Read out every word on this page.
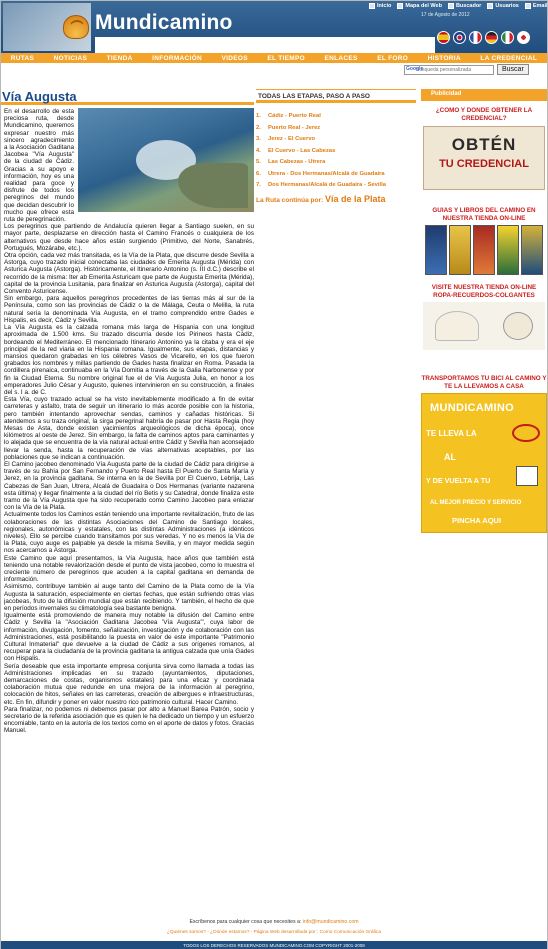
Mundicamino
Inicio	Mapa del Web	Buscador	Usuarios	Email
17 de Agosto de 2012
RUTAS	NOTICIAS	TIENDA	INFORMACIÓN	VIDEOS	EL TIEMPO	ENLACES	EL FORO	HISTORIA	LA CREDENCIAL
Búsqueda personalizada
Buscar
Google
Vía Augusta

En el desarrollo de esta preciosa ruta, desde Mundicamino, queremos expresar nuestro más sincero agradecimiento a la Asociación Gaditana Jacobea "Vía Augusta" de la ciudad de Cádiz. Gracias a su apoyo e información, hoy es una realidad para goce y disfrute de todos los peregrinos del mundo que decidan descubrir lo mucho que ofrece esta ruta de peregrinación.

Los peregrinos que partiendo de Andalucía quieren llegar a Santiago suelen, en su mayor parte, desplazarse en dirección hasta el Camino Francés o cualquiera de los alternativos que desde hace años están surgiendo (Primitivo, del Norte, Sanabrés, Portugués, Mozárabe, etc.).

Otra opción, cada vez más transitada, es la Vía de la Plata, que discurre desde Sevilla a Astorga, cuyo trazado inicial conectaba las ciudades de Emerita Augusta (Mérida) con Asturica Augusta (Astorga). Históricamente, el Itinerario Antonino (s. III d.C.) describe el recorrido de la misma: Iter ab Emerita Asturicam que parte de Augusta Emerita (Mérida), capital de la provincia Lusitania, para finalizar en Asturica Augusta (Astorga), capital del Convento Asturicense.

Sin embargo, para aquellos peregrinos procedentes de las tierras más al sur de la Península, como son las provincias de Cádiz o la de Málaga, Ceuta o Melilla, la ruta natural sería la denominada Vía Augusta, en el tramo comprendido entre Gades e Hispalis, es decir, Cádiz y Sevilla.

La Vía Augusta es la calzada romana más larga de Hispania con una longitud aproximada de 1.500 kms. Su trazado discurría desde los Pirineos hasta Cádiz, bordeando el Mediterráneo. El mencionado Itinerario Antonino ya la citaba y era el eje principal de la red viaria en la Hispania romana. Igualmente, sus etapas, distancias y mansios quedaron grabadas en los célebres Vasos de Vicarello, en los que fueron grabados los nombres y millas partiendo de Gades hasta finalizar en Roma. Pasada la cordillera pirenaica, continuaba en la Vía Domitia a través de la Galia Narbonense y por fin la Ciudad Eterna. Su nombre original fue el de Vía Augusta Julia, en honor a los emperadores Julio César y Augusto, quienes intervinieron en su construcción, a finales del s. I a. de C.

Esta Vía, cuyo trazado actual se ha visto inevitablemente modificado a fin de evitar carreteras y asfalto, trata de seguir un itinerario lo más acorde posible con la historia, pero también intentando aprovechar sendas, caminos y cañadas históricas. Si atendemos a su traza original, la sirga peregrinal habría de pasar por Hasta Regia (hoy Mesas de Asta, donde existen yacimientos arqueológicos de dicha época), once kilómetros al oeste de Jerez. Sin embargo, la falta de caminos aptos para caminantes y lo alejada que se encuentra de la vía natural actual entre Cádiz y Sevilla han aconsejado llevar la senda, hasta la recuperación de vías alternativas aceptables, por las poblaciones que se indican a continuación.

El Camino jacobeo denominado Vía Augusta parte de la ciudad de Cádiz para dirigirse a través de su Bahía por San Fernando y Puerto Real hasta El Puerto de Santa María y Jerez, en la provincia gaditana. Se interna en la de Sevilla por El Cuervo, Lebrija, Las Cabezas de San Juan, Utrera, Alcalá de Guadaíra o Dos Hermanas (variante nazarena esta última) y llegar finalmente a la ciudad del río Betis y su Catedral, donde finaliza este tramo de la Vía Augusta que ha sido recuperado como Camino Jacobeo para enlazar con la Vía de la Plata.

Actualmente todos los Caminos están teniendo una importante revitalización, fruto de las colaboraciones de las distintas Asociaciones del Camino de Santiago locales, regionales, autonómicas y estatales, con las distintas Administraciones (a idénticos niveles). Ello se percibe cuando transitamos por sus veredas. Y no es menos la Vía de la Plata, cuyo auge es palpable ya desde la misma Sevilla, y en mayor medida según nos acercamos a Astorga.

Este Camino que aquí presentamos, la Vía Augusta, hace años que también está teniendo una notable revalorización desde el punto de vista jacobeo, como lo muestra el creciente número de peregrinos que acuden a la capital gaditana en demanda de información.

Asimismo, contribuye también al auge tanto del Camino de la Plata como de la Vía Augusta la saturación, especialmente en ciertas fechas, que están sufriendo otras vías jacobeas, fruto de la difusión mundial que están recibiendo. Y también, el hecho de que en períodos invernales su climatología sea bastante benigna.

Igualmente está promoviendo de manera muy notable la difusión del Camino entre Cádiz y Sevilla la "Asociación Gaditana Jacobea 'Vía Augusta'", cuya labor de información, divulgación, fomento, señalización, investigación y de colaboración con las Administraciones, está posibilitando la puesta en valor de este importante "Patrimonio Cultural Inmaterial" que devuelve a la ciudad de Cádiz a sus orígenes romanos, al recuperar para la ciudadanía de la provincia gaditana la antigua calzada que unía Gades con Hispalis.

Sería deseable que esta importante empresa conjunta sirva como llamada a todas las Administraciones implicadas en su trazado (ayuntamientos, diputaciones, demarcaciones de costas, organismos estatales) para una eficaz y coordinada colaboración mutua que redunde en una mejora de la información al peregrino, colocación de hitos, señales en las carreteras, creación de albergues e infraestructuras, etc. En fin, difundir y poner en valor nuestro rico patrimonio cultural. Hacer Camino.

Para finalizar, no podemos ni debemos pasar por alto a Manuel Barea Patrón, socio y secretario de la referida asociación que es quien le ha dedicado un tiempo y un esfuerzo encomiable, tanto en la autoría de los textos como en el aporte de datos y fotos. Gracias Manuel.

TODAS LAS ETAPAS, PASO A PASO
1. Cádiz - Puerto Real
2. Puerto Real - Jerez
3. Jerez - El Cuervo
4. El Cuervo - Las Cabezas
5. Las Cabezas - Utrera
6. Utrera - Dos Hermanas/Alcalá de Guadaíra
7. Dos Hermanas/Alcalá de Guadaíra - Sevilla
La Ruta continúa por: Vía de la Plata
Publicidad
¿COMO Y DONDE OBTENER LA CREDENCIAL?
OBTÉN
TU CREDENCIAL
GUIAS Y LIBROS DEL CAMINO EN NUESTRA TIENDA ON-LINE
VISITE NUESTRA TIENDA ON-LINE ROPA-RECUERDOS-COLGANTES
TRANSPORTAMOS TU BICI AL CAMINO Y TE LA LLEVAMOS A CASA
MUNDICAMINO
TE LLEVA LA
AL
Y DE VUELTA A TU
AL MEJOR PRECIO Y SERVICIO
PINCHA AQUI
Escríbenos para cualquier cosa que necesites a: info@mundicamino.com
¿Quiénes somos? - ¿Dónde estamos? - Página Web desarrollada por : Como Comunicación Gráfica
TODOS LOS DERECHOS RESERVADOS MUNDICAMINO.COM COPYRIGHT 2001-2008
